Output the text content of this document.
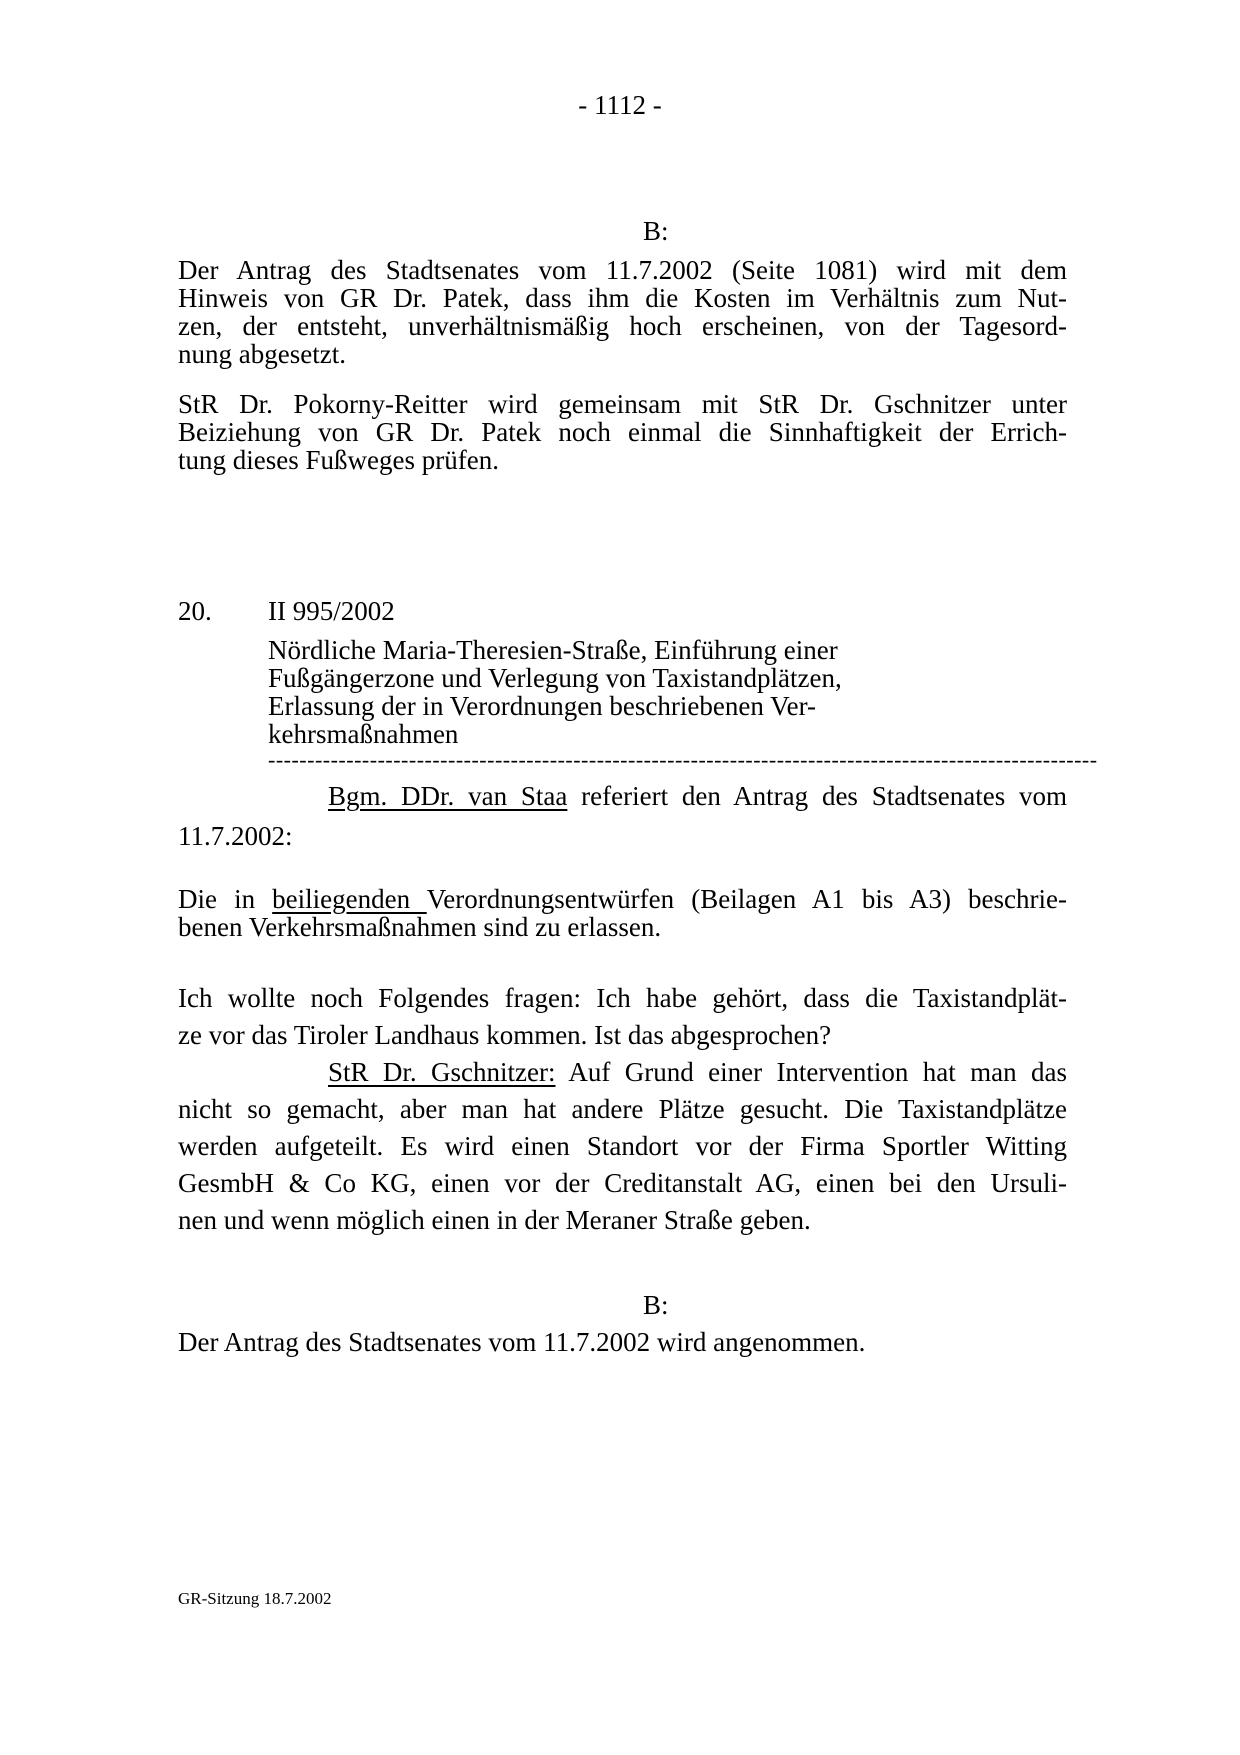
- 1112 -
B:
Der Antrag des Stadtsenates vom 11.7.2002 (Seite 1081) wird mit dem
Hinweis von GR Dr. Patek, dass ihm die Kosten im Verhältnis zum Nut-
zen, der entsteht, unverhältnismäßig hoch erscheinen, von der Tagesord-
nung abgesetzt.
StR Dr. Pokorny-Reitter wird gemeinsam mit StR Dr. Gschnitzer unter
Beiziehung von GR Dr. Patek noch einmal die Sinnhaftigkeit der Errich-
tung dieses Fußweges prüfen.
20. II 995/2002
Nördliche Maria-Theresien-Straße, Einführung einer
Fußgängerzone und Verlegung von Taxistandplätzen,
Erlassung der in Verordnungen beschriebenen Ver-
kehrsmaßnahmen
----------------------------------------------------------------------------------------------------------
Bgm. DDr. van Staa referiert den Antrag des Stadtsenates vom
11.7.2002:
Die in beiliegenden Verordnungsentwürfen (Beilagen A1 bis A3) beschrie-
benen Verkehrsmaßnahmen sind zu erlassen.
Ich wollte noch Folgendes fragen: Ich habe gehört, dass die Taxistandplät-
ze vor das Tiroler Landhaus kommen. Ist das abgesprochen?
StR Dr. Gschnitzer: Auf Grund einer Intervention hat man das
nicht so gemacht, aber man hat andere Plätze gesucht. Die Taxistandplätze
werden aufgeteilt. Es wird einen Standort vor der Firma Sportler Witting
GesmbH & Co KG, einen vor der Creditanstalt AG, einen bei den Ursuli-
nen und wenn möglich einen in der Meraner Straße geben.
B:
Der Antrag des Stadtsenates vom 11.7.2002 wird angenommen.
GR-Sitzung 18.7.2002
